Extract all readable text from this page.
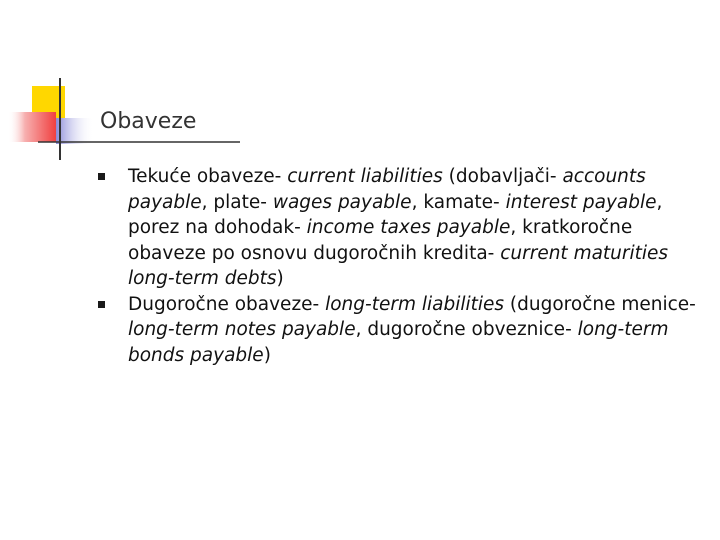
Obaveze
Tekuće obaveze- current liabilities (dobavljači- accounts payable, plate- wages payable, kamate- interest payable, porez na dohodak- income taxes payable, kratkoročne obaveze po osnovu dugoročnih kredita- current maturities long-term debts)
Dugoročne obaveze- long-term liabilities (dugoročne menice- long-term notes payable, dugoročne obveznice- long-term bonds payable)
